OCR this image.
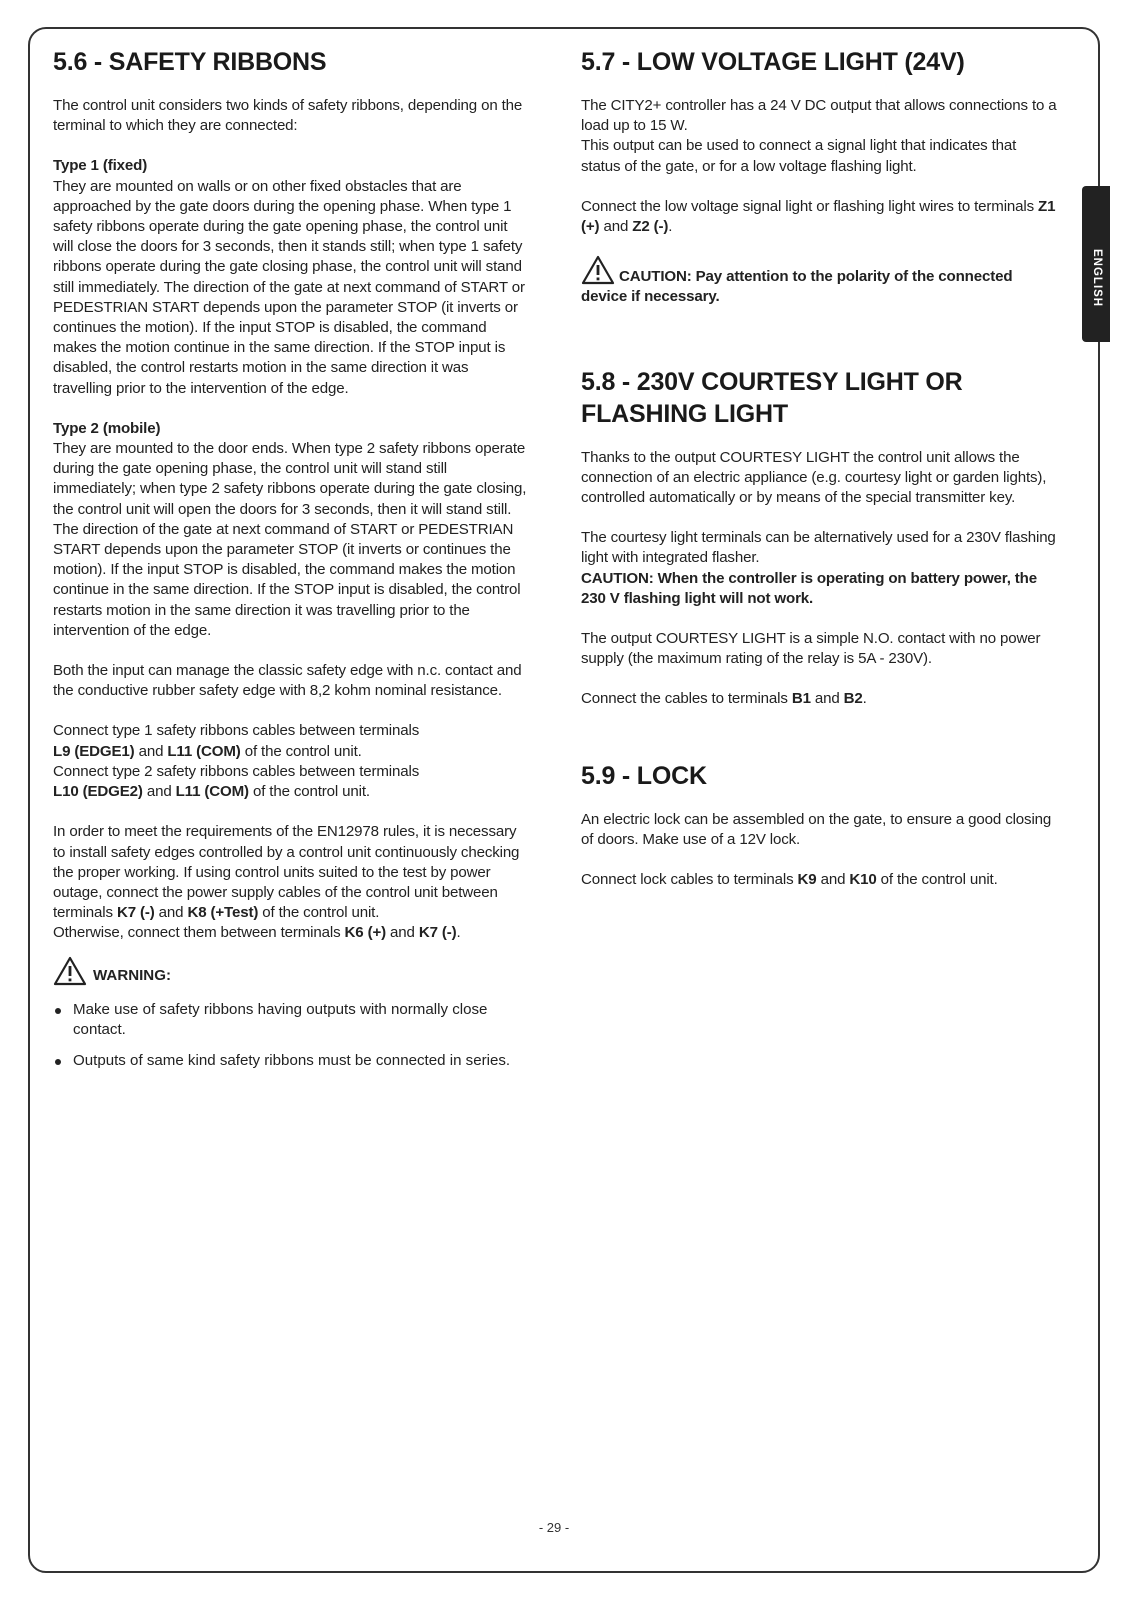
ENGLISH
5.6 - SAFETY RIBBONS

The control unit considers two kinds of safety ribbons, depending on the terminal to which they are connected:

Type 1 (fixed)

They are mounted on walls or on other fixed obstacles that are approached by the gate doors during the opening phase. When type 1 safety ribbons operate during the gate opening phase, the control unit will close the doors for 3 seconds, then it stands still; when type 1 safety ribbons operate during the gate closing phase, the control unit will stand still immediately. The direction of the gate at next command of START or PEDESTRIAN START depends upon the parameter STOP (it inverts or continues the motion). If the input STOP is disabled, the command makes the motion continue in the same direction. If the STOP input is disabled, the control restarts motion in the same direction it was travelling prior to the intervention of the edge.

Type 2 (mobile)

They are mounted to the door ends. When type 2 safety ribbons operate during the gate opening phase, the control unit will stand still immediately; when type 2 safety ribbons operate during the gate closing, the control unit will open the doors for 3 seconds, then it will stand still. The direction of the gate at next command of START or PEDESTRIAN START depends upon the parameter STOP (it inverts or continues the motion). If the input STOP is disabled, the command makes the motion continue in the same direction. If the STOP input is disabled, the control restarts motion in the same direction it was travelling prior to the intervention of the edge.

Both the input can manage the classic safety edge with n.c. contact and the conductive rubber safety edge with 8,2 kohm nominal resistance.

Connect type 1 safety ribbons cables between terminals
L9 (EDGE1) and L11 (COM) of the control unit.

Connect type 2 safety ribbons cables between terminals
L10 (EDGE2) and L11 (COM) of the control unit.

In order to meet the requirements of the EN12978 rules, it is necessary to install safety edges controlled by a control unit continuously checking the proper working. If using control units suited to the test by power outage, connect the power supply cables of the control unit between terminals K7 (-) and K8 (+Test) of the control unit.

Otherwise, connect them between terminals K6 (+) and K7 (-).

WARNING:
Make use of safety ribbons having outputs with normally close contact.
Outputs of same kind safety ribbons must be connected in series.
5.7 - LOW VOLTAGE LIGHT (24V)

The CITY2+ controller has a 24 V DC output that allows connections to a load up to 15 W.

This output can be used to connect a signal light that indicates that status of the gate, or for a low voltage flashing light.

Connect the low voltage signal light or flashing light wires to terminals Z1 (+) and Z2 (-).

CAUTION: Pay attention to the polarity of the connected device if necessary.

5.8 - 230V COURTESY LIGHT OR FLASHING LIGHT

Thanks to the output COURTESY LIGHT the control unit allows the connection of an electric appliance (e.g. courtesy light or garden lights), controlled automatically or by means of the special transmitter key.

The courtesy light terminals can be alternatively used for a 230V flashing light with integrated flasher.

CAUTION: When the controller is operating on battery power, the 230 V flashing light will not work.

The output COURTESY LIGHT is a simple N.O. contact with no power supply (the maximum rating of the relay is 5A - 230V).

Connect the cables to terminals B1 and B2.

5.9 - LOCK

An electric lock can be assembled on the gate, to ensure a good closing of doors. Make use of a 12V lock.

Connect lock cables to terminals K9 and K10 of the control unit.

- 29 -
